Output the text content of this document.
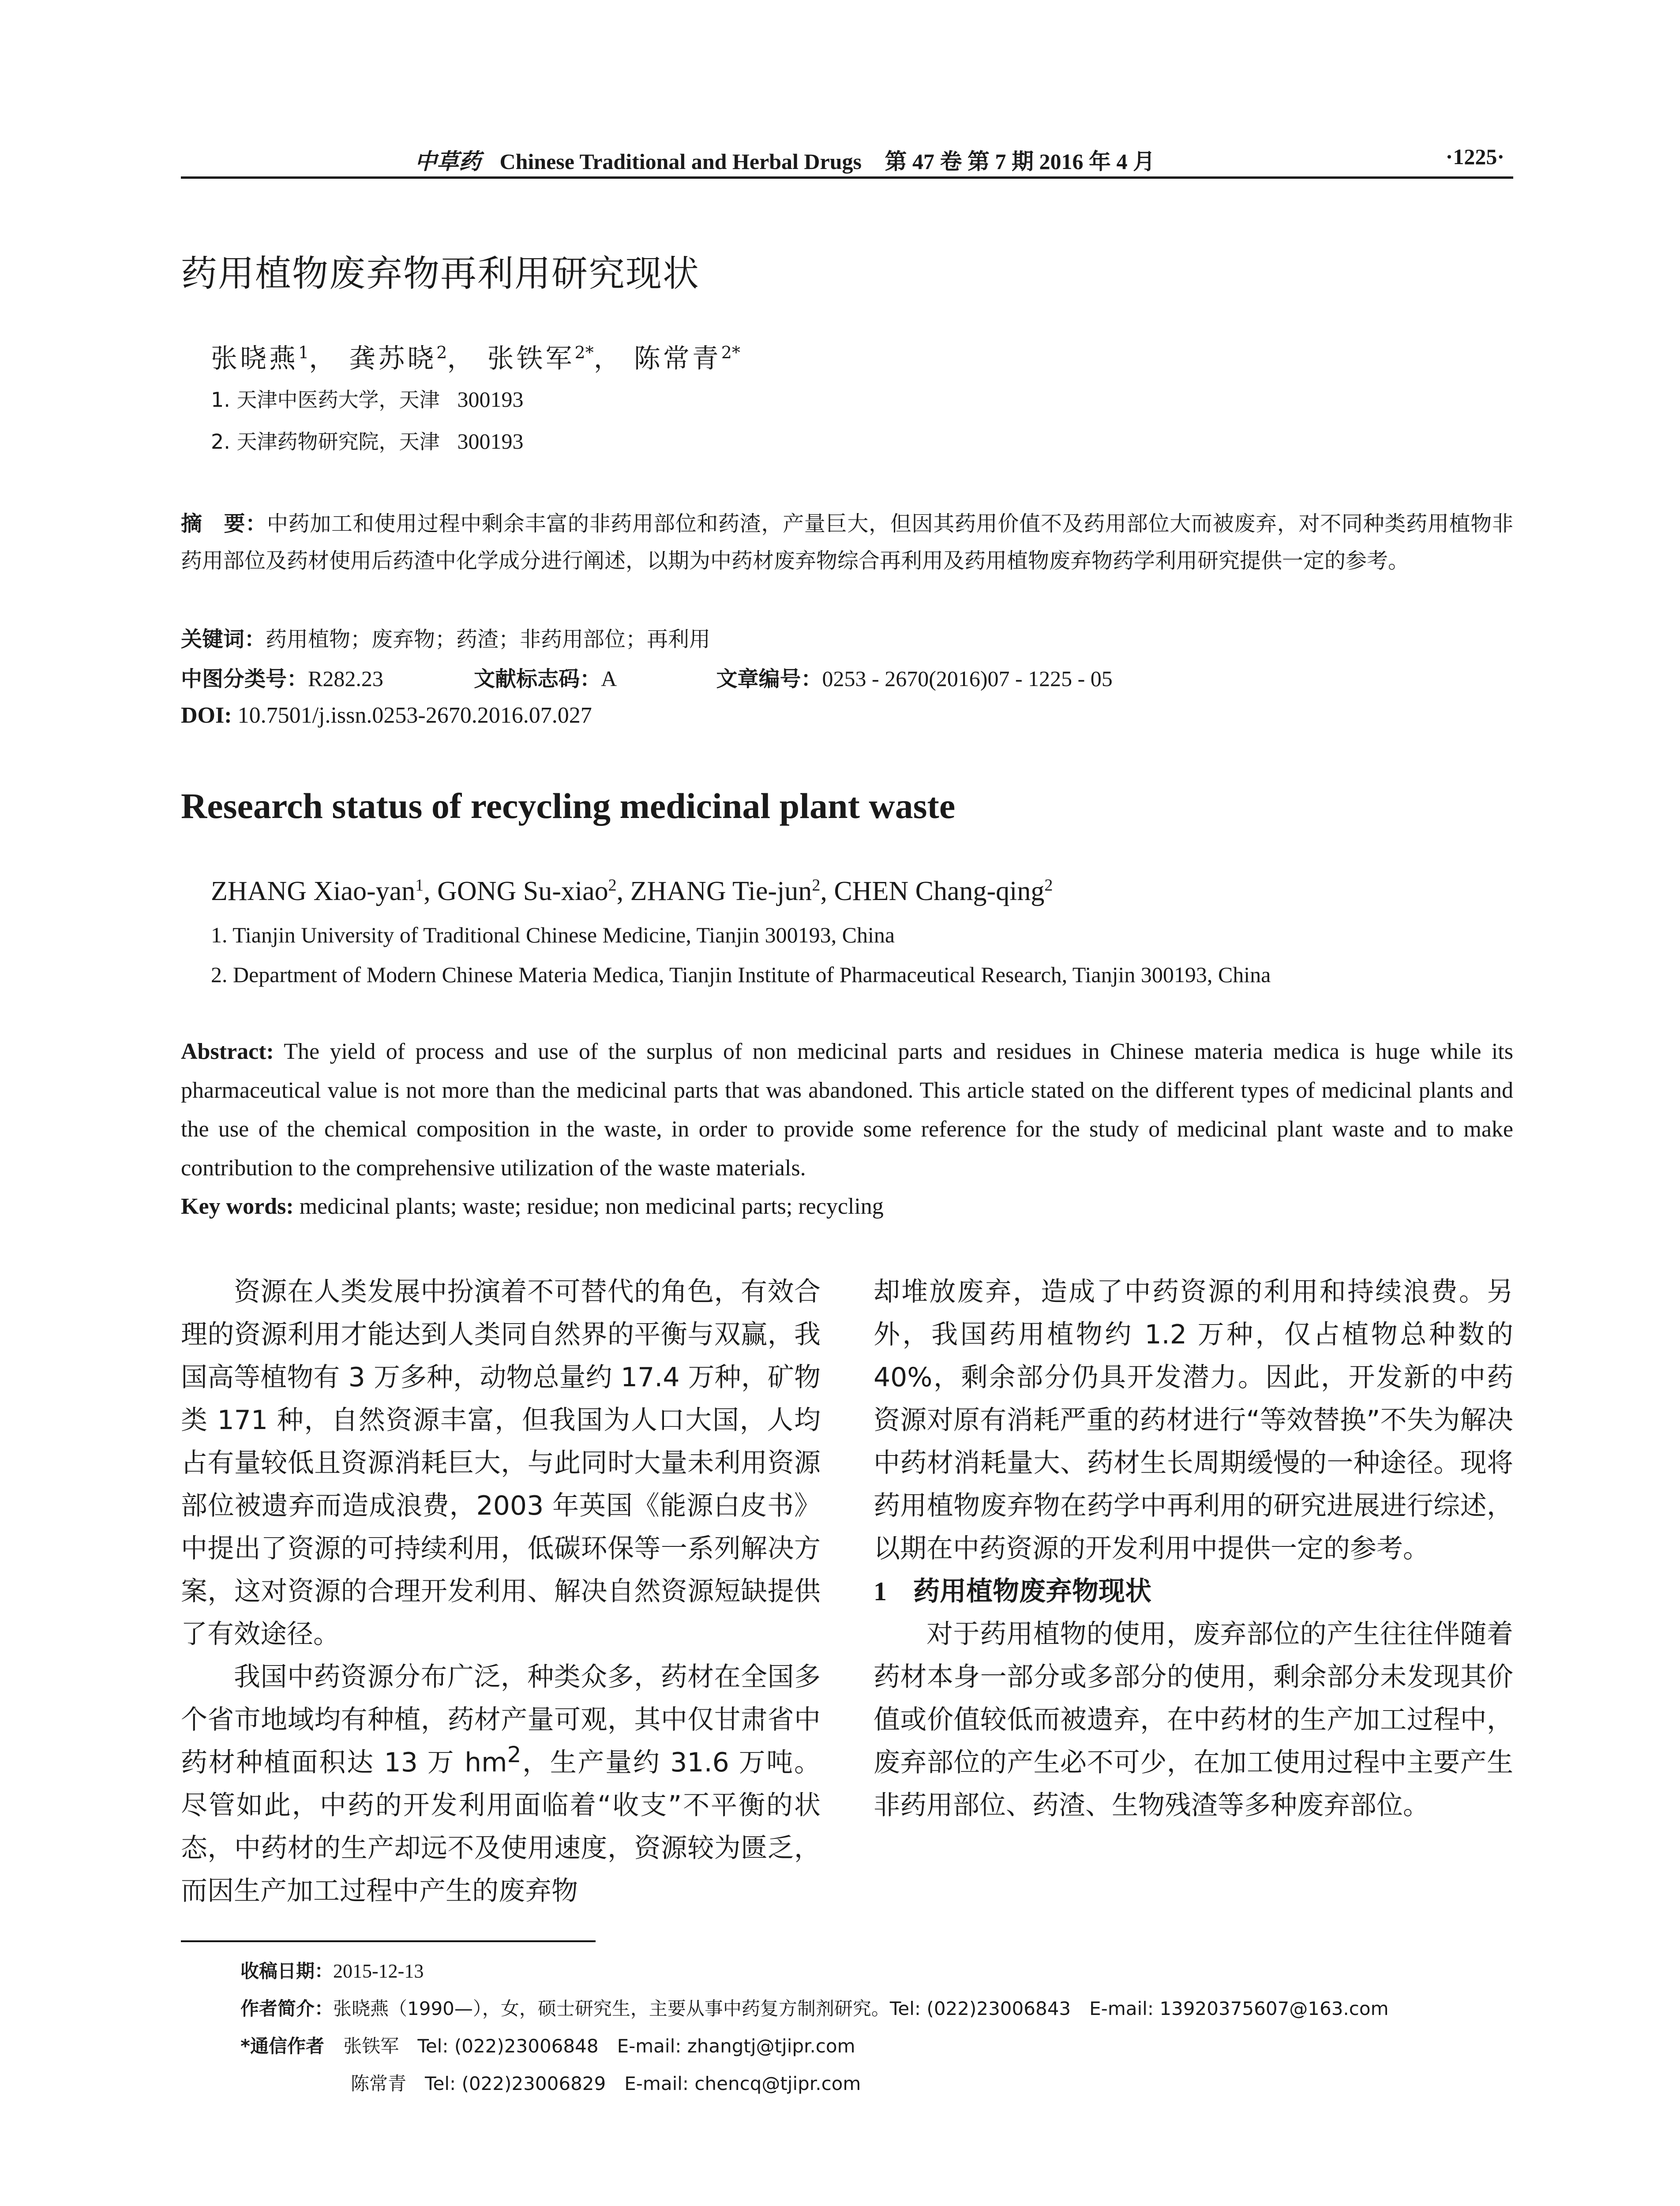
中草药 Chinese Traditional and Herbal Drugs 第 47 卷 第 7 期 2016 年 4 月	·1225·
药用植物废弃物再利用研究现状
张晓燕$^1$， 龚苏晓$^2$， 张铁军$^{2*}$， 陈常青$^{2*}$
1. 天津中医药大学，天津 300193
2. 天津药物研究院，天津 300193
摘　要：中药加工和使用过程中剩余丰富的非药用部位和药渣，产量巨大，但因其药用价值不及药用部位大而被废弃，对不同种类药用植物非药用部位及药材使用后药渣中化学成分进行阐述，以期为中药材废弃物综合再利用及药用植物废弃物药学利用研究提供一定的参考。
关键词：药用植物；废弃物；药渣；非药用部位；再利用
中图分类号：R282.23	文献标志码：A	文章编号：0253 - 2670(2016)07 - 1225 - 05
DOI: 10.7501/j.issn.0253-2670.2016.07.027
Research status of recycling medicinal plant waste
ZHANG Xiao-yan$^1$, GONG Su-xiao$^2$, ZHANG Tie-jun$^2$, CHEN Chang-qing$^2$
1. Tianjin University of Traditional Chinese Medicine, Tianjin 300193, China
2. Department of Modern Chinese Materia Medica, Tianjin Institute of Pharmaceutical Research, Tianjin 300193, China
Abstract: The yield of process and use of the surplus of non medicinal parts and residues in Chinese materia medica is huge while its pharmaceutical value is not more than the medicinal parts that was abandoned. This article stated on the different types of medicinal plants and the use of the chemical composition in the waste, in order to provide some reference for the study of medicinal plant waste and to make contribution to the comprehensive utilization of the waste materials.
Key words: medicinal plants; waste; residue; non medicinal parts; recycling

资源在人类发展中扮演着不可替代的角色，有效合理的资源利用才能达到人类同自然界的平衡与双赢，我国高等植物有 3 万多种，动物总量约 17.4 万种，矿物类 171 种，自然资源丰富，但我国为人口大国，人均占有量较低且资源消耗巨大，与此同时大量未利用资源部位被遗弃而造成浪费，2003 年英国《能源白皮书》中提出了资源的可持续利用，低碳环保等一系列解决方案，这对资源的合理开发利用、解决自然资源短缺提供了有效途径。

我国中药资源分布广泛，种类众多，药材在全国多个省市地域均有种植，药材产量可观，其中仅甘肃省中药材种植面积达 13 万 $hm^2$，生产量约 31.6 万吨。尽管如此，中药的开发利用面临着“收支”不平衡的状态，中药材的生产却远不及使用速度，资源较为匮乏，而因生产加工过程中产生的废弃物

却堆放废弃，造成了中药资源的利用和持续浪费。另外，我国药用植物约 1.2 万种，仅占植物总种数的 40%，剩余部分仍具开发潜力。因此，开发新的中药资源对原有消耗严重的药材进行“等效替换”不失为解决中药材消耗量大、药材生长周期缓慢的一种途径。现将药用植物废弃物在药学中再利用的研究进展进行综述，以期在中药资源的开发利用中提供一定的参考。

1 药用植物废弃物现状

对于药用植物的使用，废弃部位的产生往往伴随着药材本身一部分或多部分的使用，剩余部分未发现其价值或价值较低而被遗弃，在中药材的生产加工过程中，废弃部位的产生必不可少，在加工使用过程中主要产生非药用部位、药渣、生物残渣等多种废弃部位。

收稿日期：2015-12-13
作者简介：张晓燕（1990—），女，硕士研究生，主要从事中药复方制剂研究。Tel: (022)23006843　E-mail: 13920375607@163.com
*通信作者 张铁军　Tel: (022)23006848　E-mail: zhangtj@tjipr.com
陈常青　Tel: (022)23006829　E-mail: chencq@tjipr.com
